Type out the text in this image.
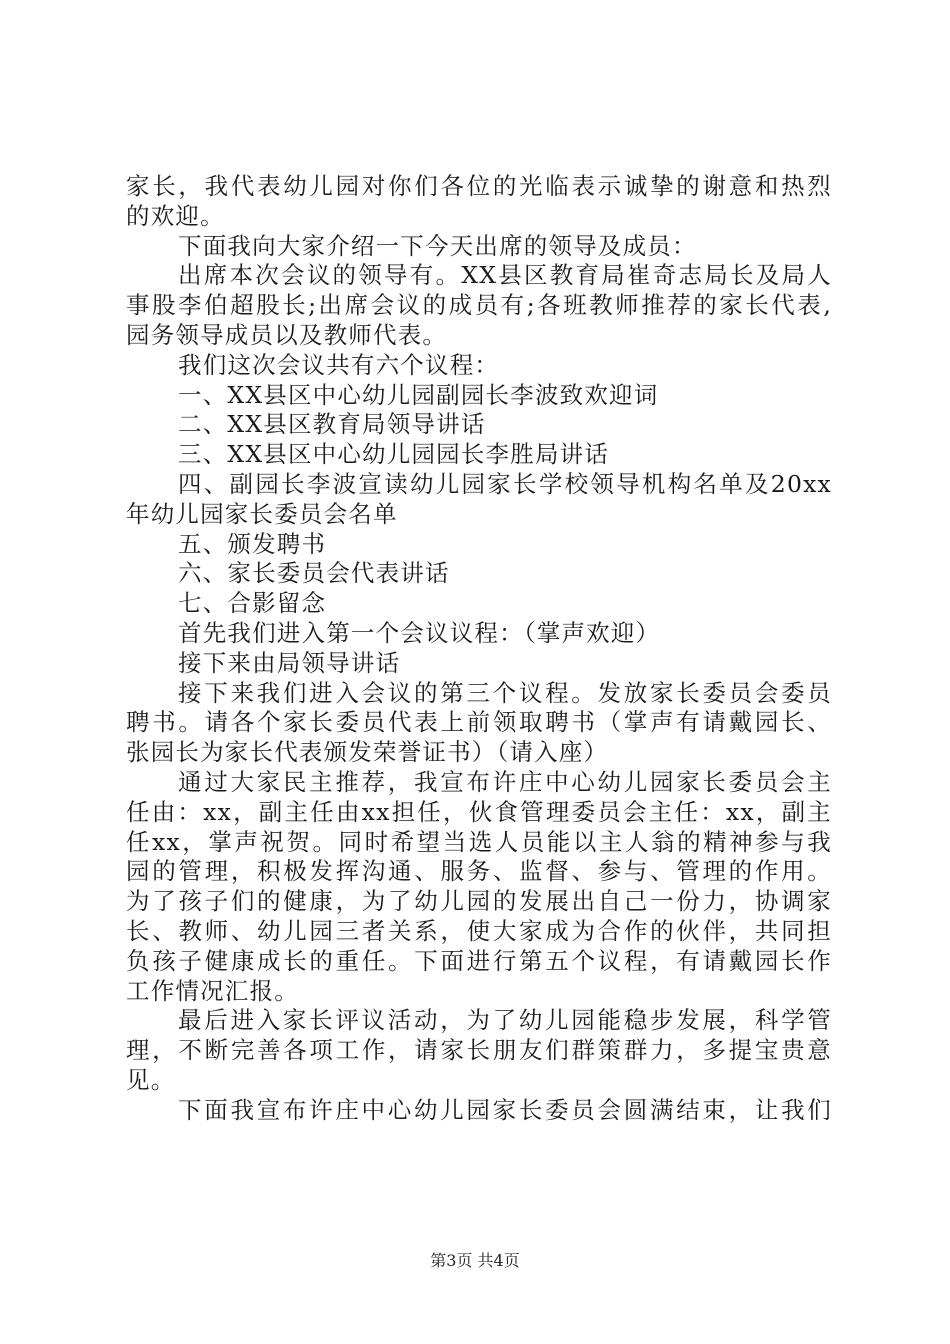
家长，我代表幼儿园对你们各位的光临表示诚挚的谢意和热烈
的欢迎。
下面我向大家介绍一下今天出席的领导及成员：
出席本次会议的领导有。XX县区教育局崔奇志局长及局人
事股李伯超股长;出席会议的成员有;各班教师推荐的家长代表,
园务领导成员以及教师代表。
我们这次会议共有六个议程：
一、XX县区中心幼儿园副园长李波致欢迎词
二、XX县区教育局领导讲话
三、XX县区中心幼儿园园长李胜局讲话
四、副园长李波宣读幼儿园家长学校领导机构名单及20xx
年幼儿园家长委员会名单
五、颁发聘书
六、家长委员会代表讲话
七、合影留念
首先我们进入第一个会议议程：（掌声欢迎）
接下来由局领导讲话
接下来我们进入会议的第三个议程。发放家长委员会委员
聘书。请各个家长委员代表上前领取聘书（掌声有请戴园长、
张园长为家长代表颁发荣誉证书）（请入座）
通过大家民主推荐，我宣布许庄中心幼儿园家长委员会主
任由：xx，副主任由xx担任，伙食管理委员会主任：xx，副主
任xx，掌声祝贺。同时希望当选人员能以主人翁的精神参与我
园的管理，积极发挥沟通、服务、监督、参与、管理的作用。
为了孩子们的健康，为了幼儿园的发展出自己一份力，协调家
长、教师、幼儿园三者关系，使大家成为合作的伙伴，共同担
负孩子健康成长的重任。下面进行第五个议程，有请戴园长作
工作情况汇报。
最后进入家长评议活动，为了幼儿园能稳步发展，科学管
理，不断完善各项工作，请家长朋友们群策群力，多提宝贵意
见。
下面我宣布许庄中心幼儿园家长委员会圆满结束，让我们
第3页 共4页
